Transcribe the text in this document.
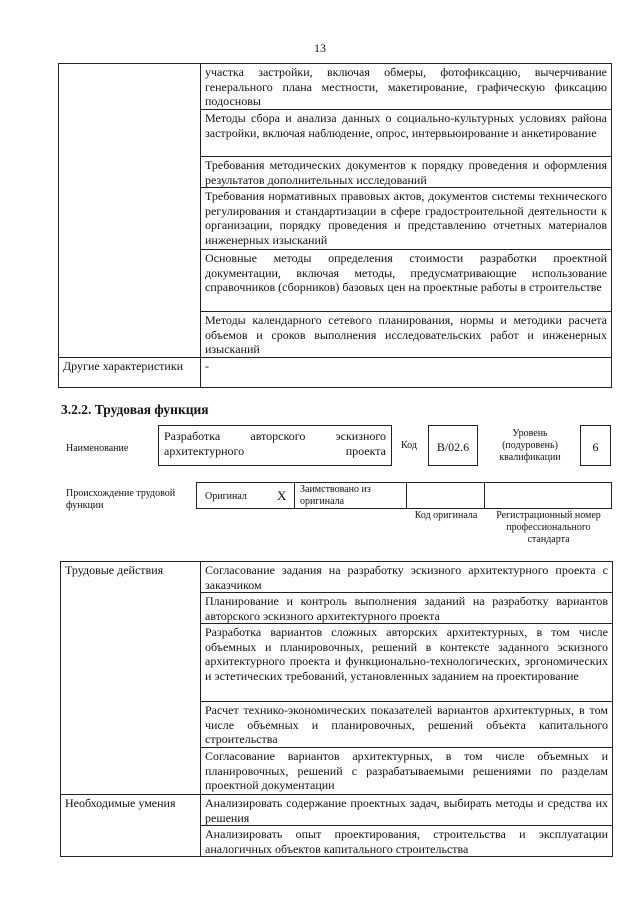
13
	участка застройки, включая обмеры, фотофиксацию, вычерчивание генерального плана местности, макетирование, графическую фиксацию подосновы
	Методы сбора и анализа данных о социально-культурных условиях района застройки, включая наблюдение, опрос, интервьюирование и анкетирование
	Требования методических документов к порядку проведения и оформления результатов дополнительных исследований
	Требования нормативных правовых актов, документов системы технического регулирования и стандартизации в сфере градостроительной деятельности к организации, порядку проведения и представлению отчетных материалов инженерных изысканий
	Основные методы определения стоимости разработки проектной документации, включая методы, предусматривающие использование справочников (сборников) базовых цен на проектные работы в строительстве
	Методы календарного сетевого планирования, нормы и методики расчета объемов и сроков выполнения исследовательских работ и инженерных изысканий
Другие характеристики	-
3.2.2. Трудовая функция
Наименование
Разработка авторского эскизного архитектурного проекта	Код	B/02.6
Уровень (подуровень) квалификации
6
Происхождение трудовой функции
Оригинал X Заимствовано из оригинала
Код оригинала	Регистрационный номер профессионального стандарта
Трудовые действия	Согласование задания на разработку эскизного архитектурного проекта с заказчиком
	Планирование и контроль выполнения заданий на разработку вариантов авторского эскизного архитектурного проекта
	Разработка вариантов сложных авторских архитектурных, в том числе объемных и планировочных, решений в контексте заданного эскизного архитектурного проекта и функционально-технологических, эргономических и эстетических требований, установленных заданием на проектирование
	Расчет технико-экономических показателей вариантов архитектурных, в том числе объемных и планировочных, решений объекта капитального строительства
	Согласование вариантов архитектурных, в том числе объемных и планировочных, решений с разрабатываемыми решениями по разделам проектной документации
Необходимые умения	Анализировать содержание проектных задач, выбирать методы и средства их решения
	Анализировать опыт проектирования, строительства и эксплуатации аналогичных объектов капитального строительства
